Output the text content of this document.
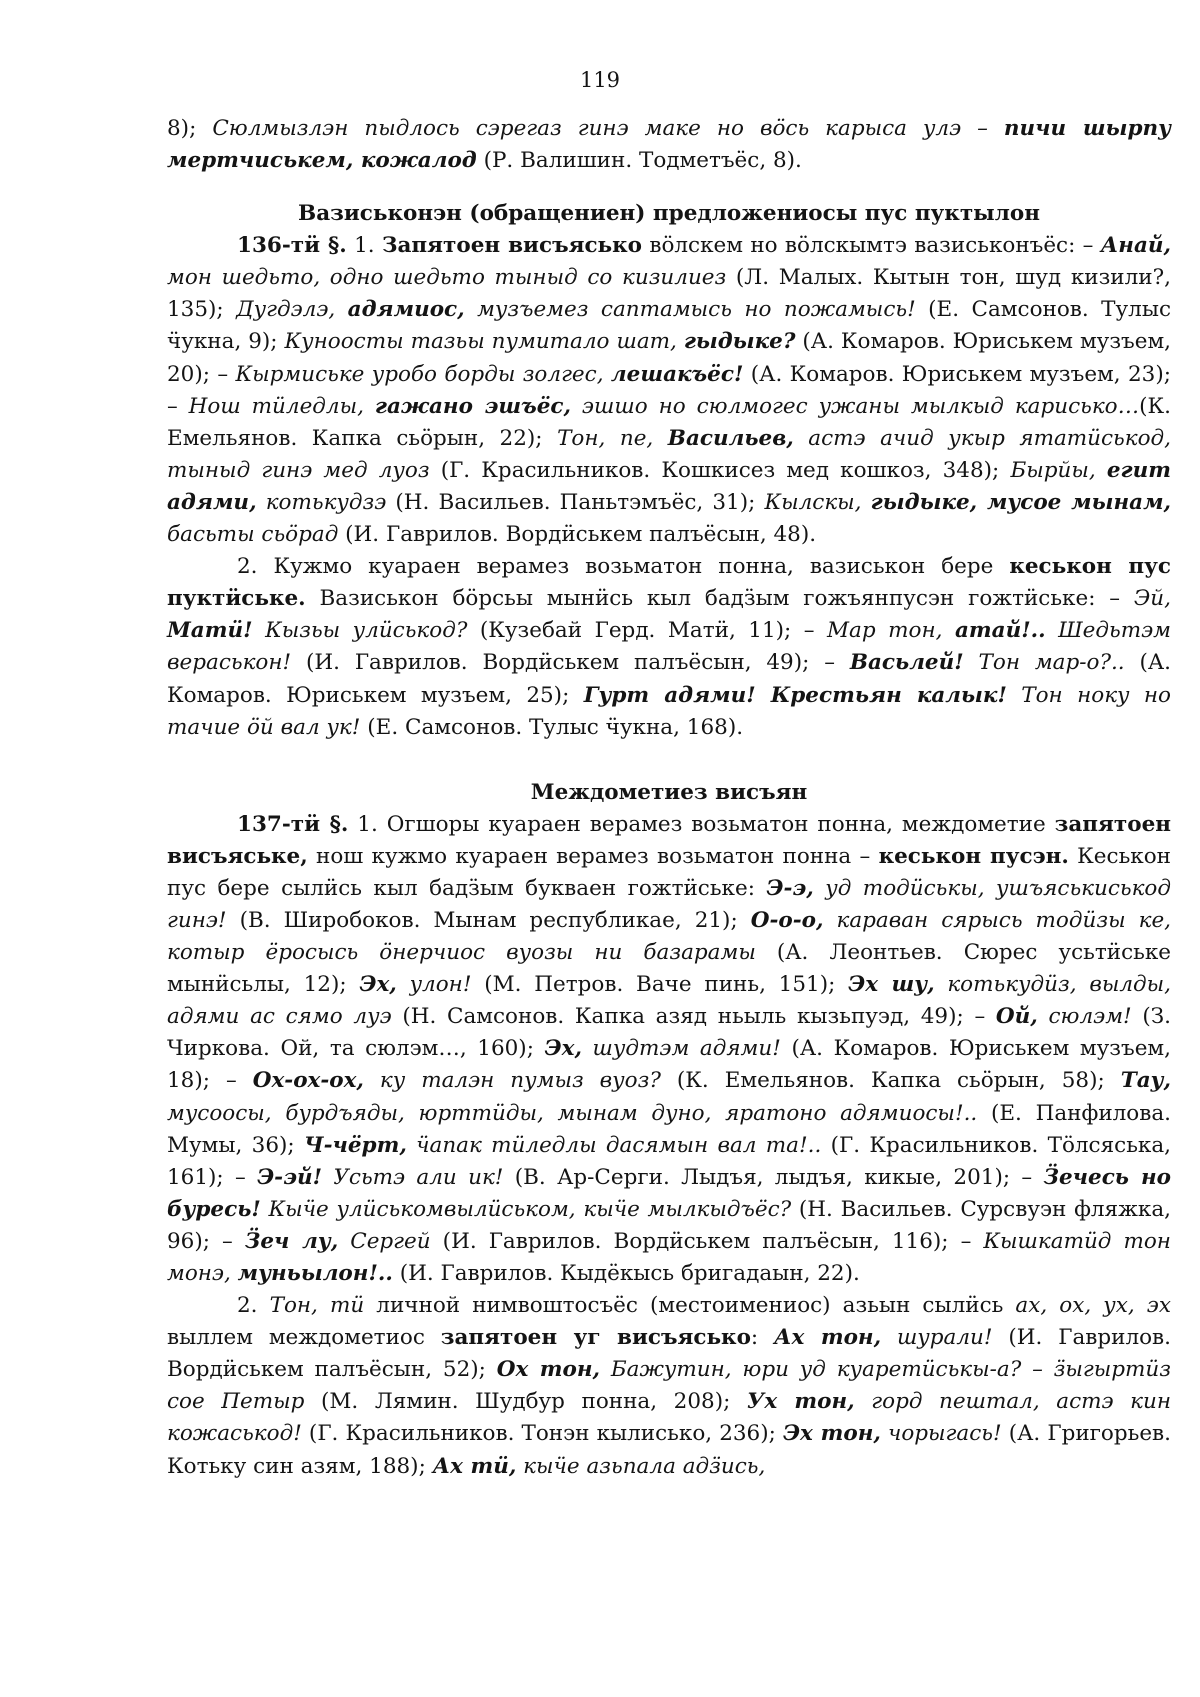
119

8); Сюлмызлэн пыдлось сэрегаз гинэ маке но вӧсь карыса улэ – пичи шырпу мертчиськем, кожалод (Р. Валишин. Тодметъёс, 8).

Вазиськонэн (обращениен) предложениосы пус пуктылон

136-тӥ §. 1. Запятоен висъясько вӧлскем но вӧлскымтэ вазиськонъёс: – Анай, мон шедьто, одно шедьто тыныд со кизилиез (Л. Малых. Кытын тон, шуд кизили?, 135); Дугдэлэ, адямиос, музъемез саптамысь но пожамысь! (Е. Самсонов. Тулыс ӵукна, 9); Куноосты тазьы пумитало шат, гыдыке? (А. Комаров. Юриськем музъем, 20); – Кырмиське уробо борды золгес, лешакъёс! (А. Комаров. Юриськем музъем, 23); – Нош тӥледлы, гажано эшъёс, эшшо но сюлмогес ужаны мылкыд кариськo…(К. Емельянов. Капка сьӧрын, 22); Тон, пе, Васильев, астэ ачид укыр ятатӥськод, тыныд гинэ мед луоз (Г. Красильников. Кошкисез мед кошкоз, 348); Бырйы, егит адями, котькудзэ (Н. Васильев. Паньтэмъёс, 31); Кылскы, гыдыке, мусое мынам, басьты сьӧрад (И. Гаврилов. Вордӥськем палъёсын, 48).

2. Кужмо куараен верамез возьматон понна, вазиськон бере кеськон пус пуктӥське. Вазиськон бӧрсьы мынӥсь кыл бадӟым гожъянпусэн гожтӥське: – Эй, Матӥ! Кызьы улӥськод? (Кузебай Герд. Матӥ, 11); – Мар тон, атай!.. Шедьтэм вераськон! (И. Гаврилов. Вордӥськем палъёсын, 49); – Васьлей! Тон мар-о?.. (А. Комаров. Юриськем музъем, 25); Гурт адями! Крестьян калык! Тон ноку но тачие ӧй вал ук! (Е. Самсонов. Тулыс ӵукна, 168).

Междометиез висъян

137-тӥ §. 1. Огшоры куараен верамез возьматон понна, междометие запятоен висъяське, нош кужмо куараен верамез возьматон понна – кеськон пусэн. Кеськон пус бере сылӥсь кыл бадӟым букваен гожтӥське: Э-э, уд тодӥськы, ушъяськиськод гинэ! (В. Широбоков. Мынам республикае, 21); О-о-о, караван сярысь тодӥзы ке, котыр ёросысь ӧнерчиос вуозы ни базарамы (А. Леонтьев. Сюрес усьтӥське мынӥсьлы, 12); Эх, улон! (М. Петров. Ваче пинь, 151); Эх шу, котькудӥз, вылды, адями ас сямо луэ (Н. Самсонов. Капка азяд ньыль кызьпуэд, 49); – Ой, сюлэм! (З. Чиркова. Ой, та сюлэм…, 160); Эх, шудтэм адями! (А. Комаров. Юриськем музъем, 18); – Ох-ох-ох, ку талэн пумыз вуоз? (К. Емельянов. Капка сьӧрын, 58); Тау, мусоосы, бурдъяды, юрттӥды, мынам дуно, яратоно адямиосы!.. (Е. Панфилова. Мумы, 36); Ч-чёрт, ӵапак тӥледлы дасямын вал та!.. (Г. Красильников. Тӧлсяська, 161); – Э-эй! Усьтэ али ик! (В. Ар-Серги. Лыдъя, лыдъя, кикые, 201); – Ӟечесь но буресь! Кыӵе улӥськомвылӥськом, кыӵе мылкыдъёс? (Н. Васильев. Сурсвуэн фляжка, 96); – Ӟеч лу, Сергей (И. Гаврилов. Вордӥськем палъёсын, 116); – Кышкатӥд тон монэ, муньылон!.. (И. Гаврилов. Кыдёкысь бригадаын, 22).

2. Тон, тӥ личной нимвоштосъёс (местоимениос) азьын сылӥсь ах, ох, ух, эх выллем междометиос запятоен уг висъясько: Ах тон, шурали! (И. Гаврилов. Вордӥськем палъёсын, 52); Ох тон, Бажутин, юри уд куаретӥськы-а? – ӟыгыртӥз сое Петыр (М. Лямин. Шудбур понна, 208); Ух тон, горд пештал, астэ кин кожаськод! (Г. Красильников. Тонэн кылисько, 236); Эх тон, чорыгась! (А. Григорьев. Котьку син азям, 188); Ах тӥ, кыӵе азьпала адӟись,
